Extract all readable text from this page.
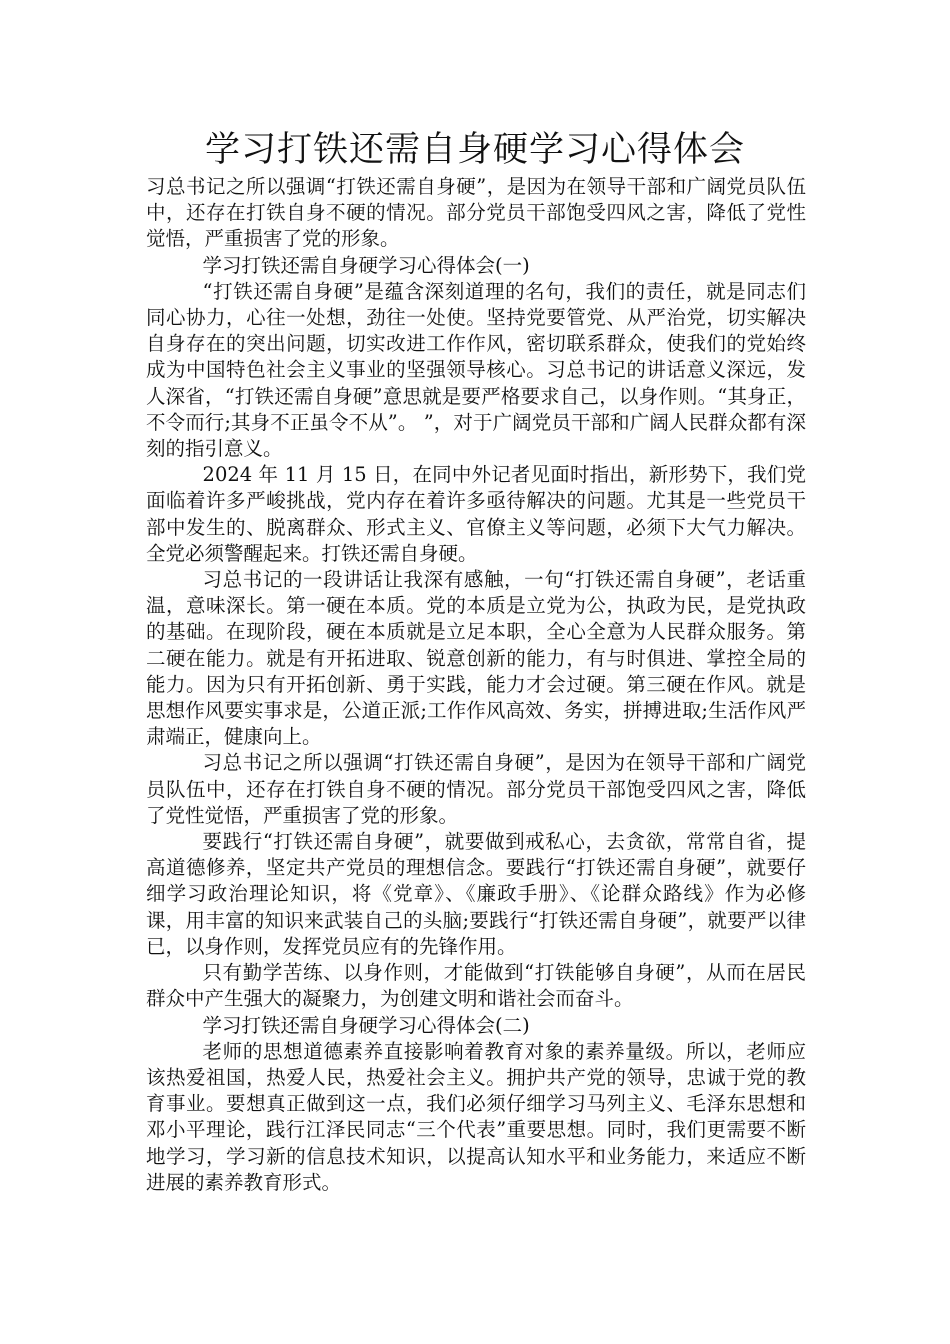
学习打铁还需自身硬学习心得体会

习总书记之所以强调“打铁还需自身硬”，是因为在领导干部和广阔党员队伍中，还存在打铁自身不硬的情况。部分党员干部饱受四风之害，降低了党性觉悟，严重损害了党的形象。

学习打铁还需自身硬学习心得体会(一)

“打铁还需自身硬”是蕴含深刻道理的名句，我们的责任，就是同志们同心协力，心往一处想，劲往一处使。坚持党要管党、从严治党，切实解决自身存在的突出问题，切实改进工作作风，密切联系群众，使我们的党始终成为中国特色社会主义事业的坚强领导核心。习总书记的讲话意义深远，发人深省，“打铁还需自身硬”意思就是要严格要求自己，以身作则。“其身正，不令而行;其身不正虽令不从”。 ”，对于广阔党员干部和广阔人民群众都有深刻的指引意义。

2024 年 11 月 15 日，在同中外记者见面时指出，新形势下，我们党面临着许多严峻挑战，党内存在着许多亟待解决的问题。尤其是一些党员干部中发生的、脱离群众、形式主义、官僚主义等问题，必须下大气力解决。全党必须警醒起来。打铁还需自身硬。

习总书记的一段讲话让我深有感触，一句“打铁还需自身硬”，老话重温，意味深长。第一硬在本质。党的本质是立党为公，执政为民，是党执政的基础。在现阶段，硬在本质就是立足本职，全心全意为人民群众服务。第二硬在能力。就是有开拓进取、锐意创新的能力，有与时俱进、掌控全局的能力。因为只有开拓创新、勇于实践，能力才会过硬。第三硬在作风。就是思想作风要实事求是，公道正派;工作作风高效、务实，拼搏进取;生活作风严肃端正，健康向上。

习总书记之所以强调“打铁还需自身硬”，是因为在领导干部和广阔党员队伍中，还存在打铁自身不硬的情况。部分党员干部饱受四风之害，降低了党性觉悟，严重损害了党的形象。

要践行“打铁还需自身硬”，就要做到戒私心，去贪欲，常常自省，提高道德修养，坚定共产党员的理想信念。要践行“打铁还需自身硬”，就要仔细学习政治理论知识，将《党章》、《廉政手册》、《论群众路线》作为必修课，用丰富的知识来武装自己的头脑;要践行“打铁还需自身硬”，就要严以律已，以身作则，发挥党员应有的先锋作用。

只有勤学苦练、以身作则，才能做到“打铁能够自身硬”，从而在居民群众中产生强大的凝聚力，为创建文明和谐社会而奋斗。

学习打铁还需自身硬学习心得体会(二)

老师的思想道德素养直接影响着教育对象的素养量级。所以，老师应该热爱祖国，热爱人民，热爱社会主义。拥护共产党的领导，忠诚于党的教育事业。要想真正做到这一点，我们必须仔细学习马列主义、毛泽东思想和邓小平理论，践行江泽民同志“三个代表”重要思想。同时，我们更需要不断地学习，学习新的信息技术知识，以提高认知水平和业务能力，来适应不断进展的素养教育形式。
